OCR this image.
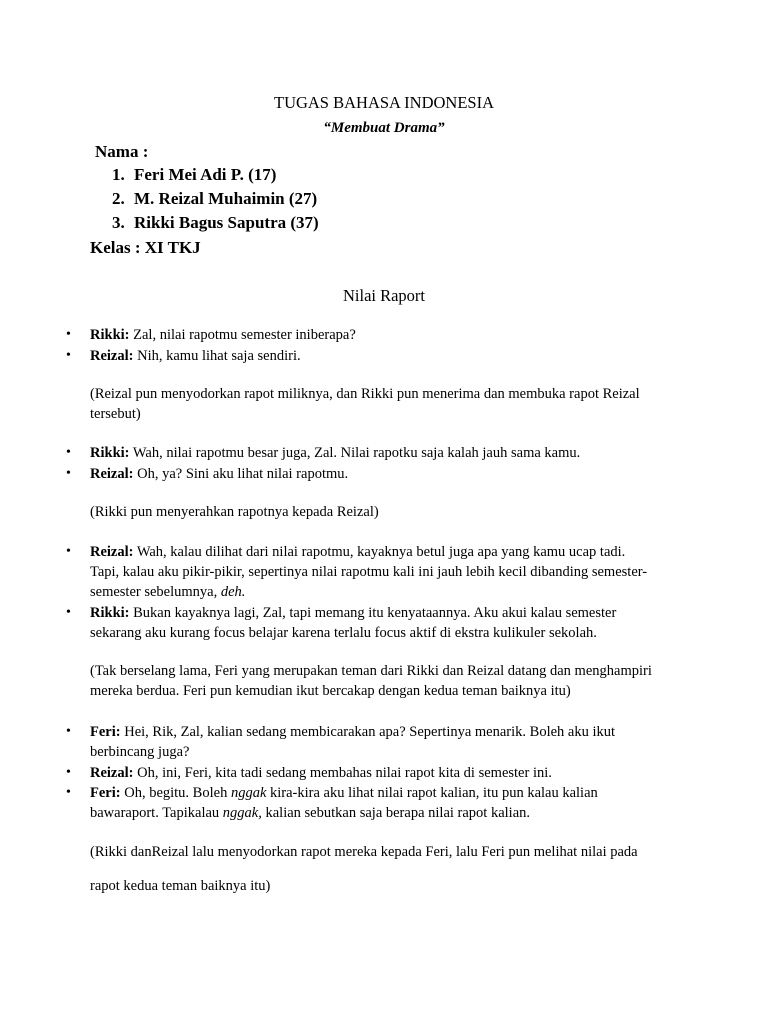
TUGAS BAHASA INDONESIA
“Membuat Drama”
Nama :
1. Feri Mei Adi P. (17)
2. M. Reizal Muhaimin (27)
3. Rikki Bagus Saputra (37)
Kelas : XI TKJ
Nilai Raport
• Rikki: Zal, nilai rapotmu semester iniberapa?
• Reizal: Nih, kamu lihat saja sendiri.
(Reizal pun menyodorkan rapot miliknya, dan Rikki pun menerima dan membuka rapot Reizal
tersebut)
• Rikki: Wah, nilai rapotmu besar juga, Zal. Nilai rapotku saja kalah jauh sama kamu.
• Reizal: Oh, ya? Sini aku lihat nilai rapotmu.
(Rikki pun menyerahkan rapotnya kepada Reizal)
• Reizal: Wah, kalau dilihat dari nilai rapotmu, kayaknya betul juga apa yang kamu ucap tadi.
Tapi, kalau aku pikir-pikir, sepertinya nilai rapotmu kali ini jauh lebih kecil dibanding semester-
semester sebelumnya, deh.
• Rikki: Bukan kayaknya lagi, Zal, tapi memang itu kenyataannya. Aku akui kalau semester
sekarang aku kurang focus belajar karena terlalu focus aktif di ekstra kulikuler sekolah.
(Tak berselang lama, Feri yang merupakan teman dari Rikki dan Reizal datang dan menghampiri
mereka berdua. Feri pun kemudian ikut bercakap dengan kedua teman baiknya itu)
• Feri: Hei, Rik, Zal, kalian sedang membicarakan apa? Sepertinya menarik. Boleh aku ikut
berbincang juga?
• Reizal: Oh, ini, Feri, kita tadi sedang membahas nilai rapot kita di semester ini.
• Feri: Oh, begitu. Boleh nggak kira-kira aku lihat nilai rapot kalian, itu pun kalau kalian
bawaraport. Tapikalau nggak, kalian sebutkan saja berapa nilai rapot kalian.
(Rikki danReizal lalu menyodorkan rapot mereka kepada Feri, lalu Feri pun melihat nilai pada
rapot kedua teman baiknya itu)
